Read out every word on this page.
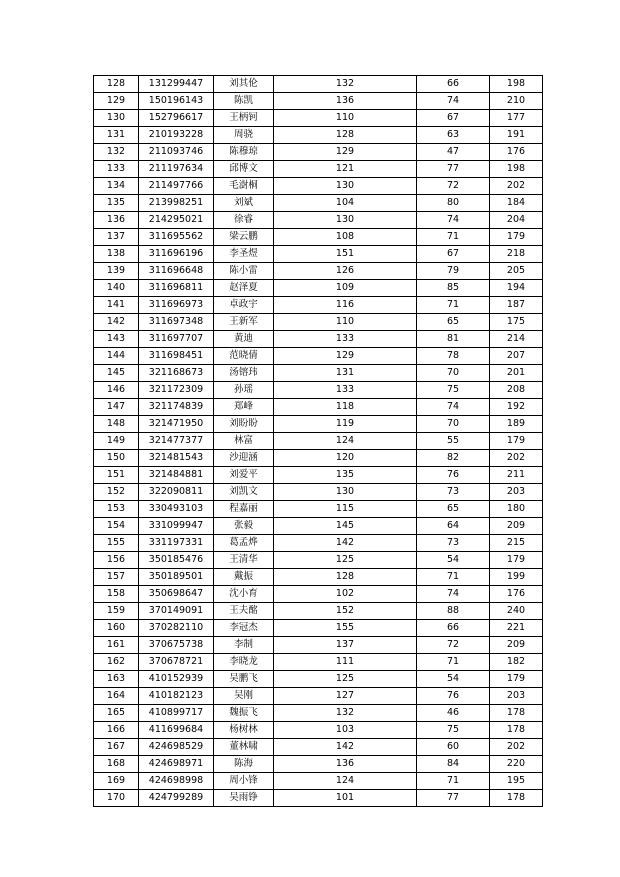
128	131299447	刘其伦	132	66	198
129	150196143	陈凯	136	74	210
130	152796617	王柄钶	110	67	177
131	210193228	周骁	128	63	191
132	211093746	陈穆琼	129	47	176
133	211197634	邱博文	121	77	198
134	211497766	毛澍桐	130	72	202
135	213998251	刘斌	104	80	184
136	214295021	徐睿	130	74	204
137	311695562	梁云鹏	108	71	179
138	311696196	李圣煜	151	67	218
139	311696648	陈小雷	126	79	205
140	311696811	赵泽夏	109	85	194
141	311696973	卓政宇	116	71	187
142	311697348	王新军	110	65	175
143	311697707	黄迪	133	81	214
144	311698451	范晓倩	129	78	207
145	321168673	汤镕玮	131	70	201
146	321172309	孙瑶	133	75	208
147	321174839	郑峰	118	74	192
148	321471950	刘盼盼	119	70	189
149	321477377	林富	124	55	179
150	321481543	沙迎涵	120	82	202
151	321484881	刘爱平	135	76	211
152	322090811	刘凯文	130	73	203
153	330493103	程嘉丽	115	65	180
154	331099947	张毅	145	64	209
155	331197331	葛孟烨	142	73	215
156	350185476	王清华	125	54	179
157	350189501	戴振	128	71	199
158	350698647	沈小育	102	74	176
159	370149091	王夫酩	152	88	240
160	370282110	李冠杰	155	66	221
161	370675738	李制	137	72	209
162	370678721	李晓龙	111	71	182
163	410152939	吴鹏飞	125	54	179
164	410182123	吴刚	127	76	203
165	410899717	魏振飞	132	46	178
166	411699684	杨树林	103	75	178
167	424698529	董林啸	142	60	202
168	424698971	陈海	136	84	220
169	424698998	周小锋	124	71	195
170	424799289	吴雨铮	101	77	178
